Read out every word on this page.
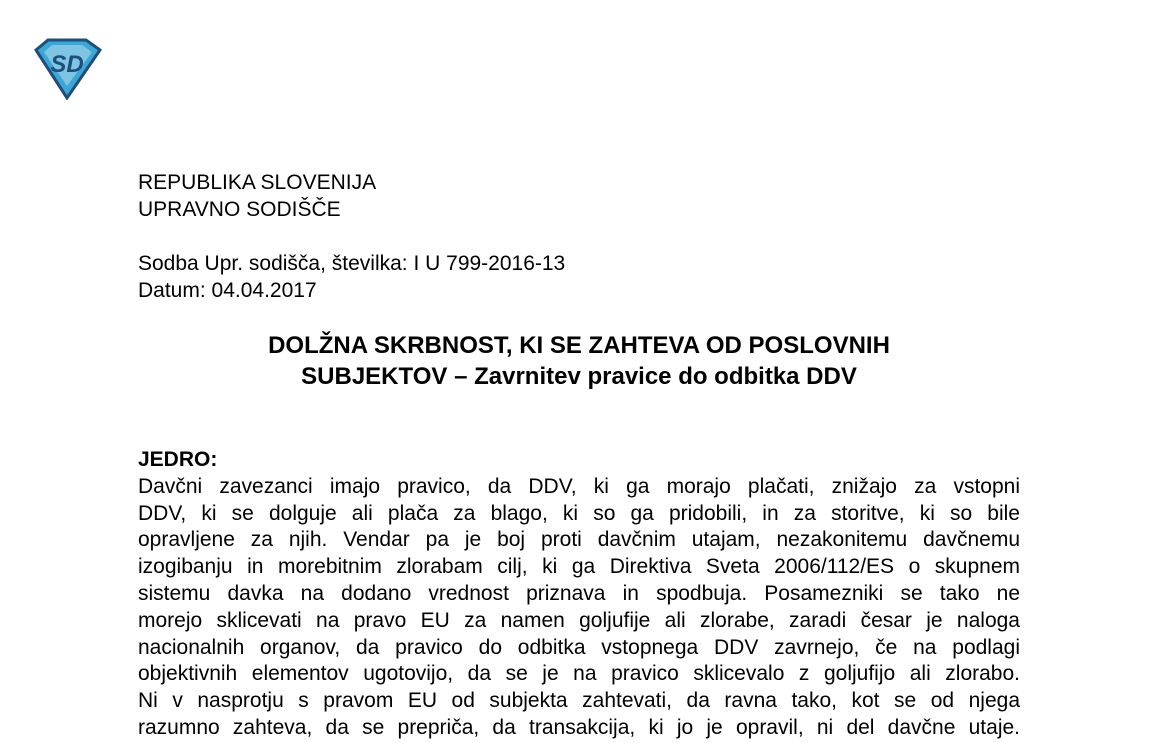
SD
REPUBLIKA SLOVENIJA
UPRAVNO SODIŠČE
Sodba Upr. sodišča, številka: I U 799-2016-13
Datum: 04.04.2017
DOLŽNA SKRBNOST, KI SE ZAHTEVA OD POSLOVNIH
SUBJEKTOV – Zavrnitev pravice do odbitka DDV
JEDRO:
Davčni zavezanci imajo pravico, da DDV, ki ga morajo plačati, znižajo za vstopni
DDV, ki se dolguje ali plača za blago, ki so ga pridobili, in za storitve, ki so bile
opravljene za njih. Vendar pa je boj proti davčnim utajam, nezakonitemu davčnemu
izogibanju in morebitnim zlorabam cilj, ki ga Direktiva Sveta 2006/112/ES o skupnem
sistemu davka na dodano vrednost priznava in spodbuja. Posamezniki se tako ne
morejo sklicevati na pravo EU za namen goljufije ali zlorabe, zaradi česar je naloga
nacionalnih organov, da pravico do odbitka vstopnega DDV zavrnejo, če na podlagi
objektivnih elementov ugotovijo, da se je na pravico sklicevalo z goljufijo ali zlorabo.
Ni v nasprotju s pravom EU od subjekta zahtevati, da ravna tako, kot se od njega
razumno zahteva, da se prepriča, da transakcija, ki jo je opravil, ni del davčne utaje.
